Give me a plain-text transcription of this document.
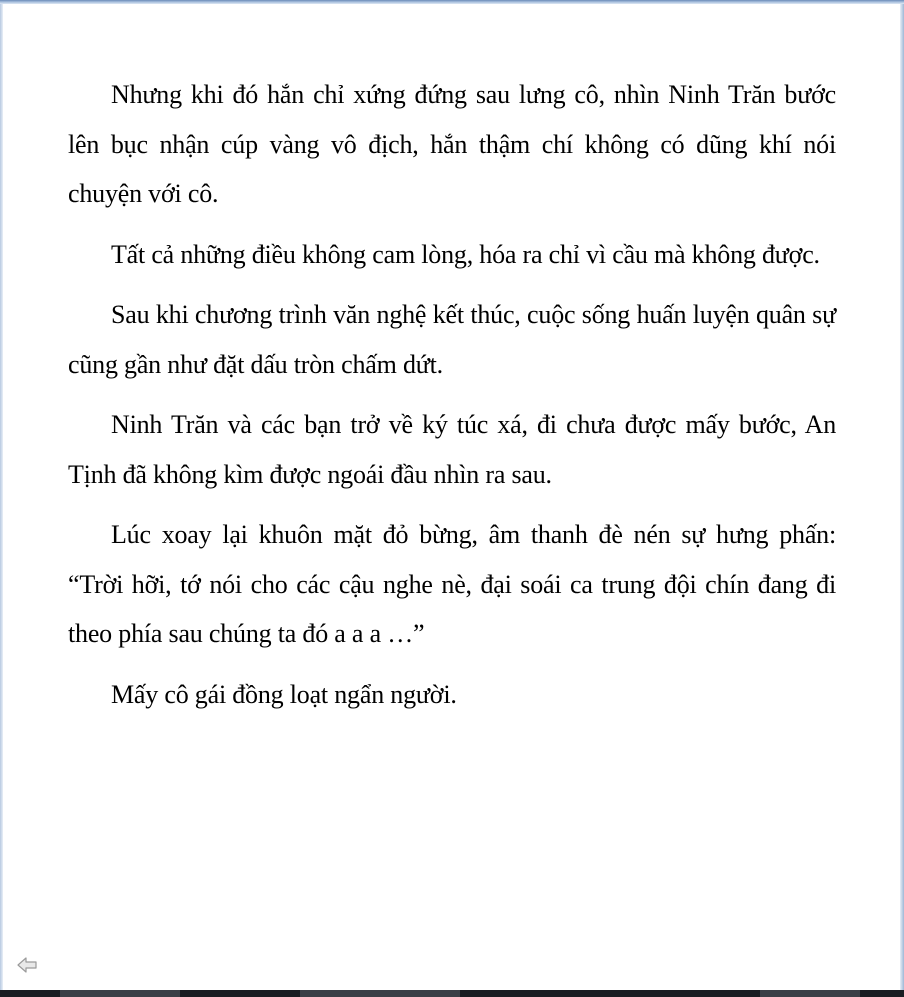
Nhưng khi đó hắn chỉ xứng đứng sau lưng cô, nhìn Ninh Trăn bước lên bục nhận cúp vàng vô địch, hắn thậm chí không có dũng khí nói chuyện với cô.

Tất cả những điều không cam lòng, hóa ra chỉ vì cầu mà không được.

Sau khi chương trình văn nghệ kết thúc, cuộc sống huấn luyện quân sự cũng gần như đặt dấu tròn chấm dứt.

Ninh Trăn và các bạn trở về ký túc xá, đi chưa được mấy bước, An Tịnh đã không kìm được ngoái đầu nhìn ra sau.

Lúc xoay lại khuôn mặt đỏ bừng, âm thanh đè nén sự hưng phấn: “Trời hỡi, tớ nói cho các cậu nghe nè, đại soái ca trung đội chín đang đi theo phía sau chúng ta đó a a a …”

Mấy cô gái đồng loạt ngẩn người.
